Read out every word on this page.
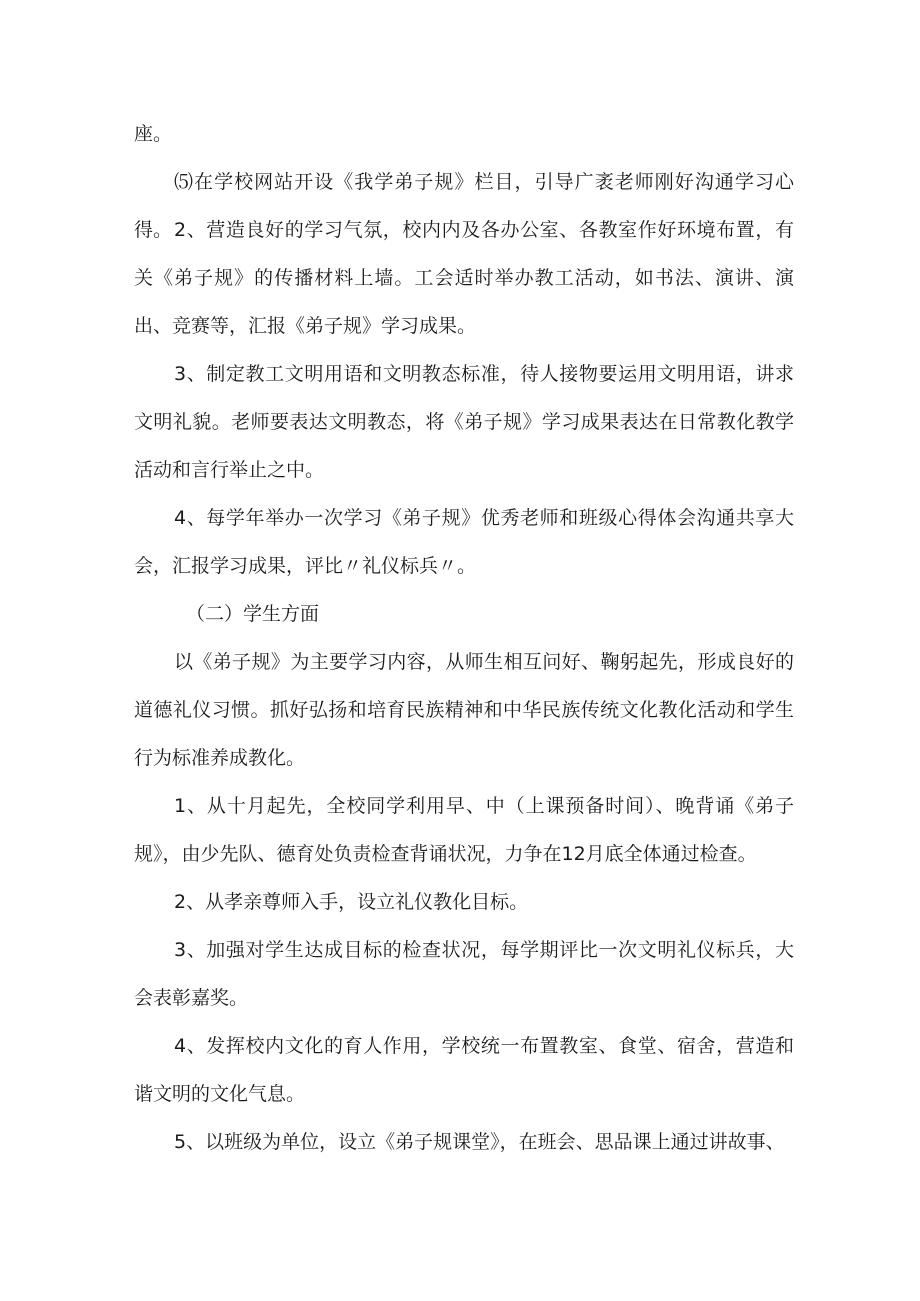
座。

⑸在学校网站开设《我学弟子规》栏目，引导广袤老师刚好沟通学习心得。 2、营造良好的学习气氛，校内内及各办公室、各教室作好环境布置，有关《弟子规》的传播材料上墙。工会适时举办教工活动，如书法、演讲、演出、竞赛等，汇报《弟子规》学习成果。

3、制定教工文明用语和文明教态标准，待人接物要运用文明用语，讲求文明礼貌。老师要表达文明教态，将《弟子规》学习成果表达在日常教化教学活动和言行举止之中。

4、每学年举办一次学习《弟子规》优秀老师和班级心得体会沟通共享大会，汇报学习成果，评比〃礼仪标兵〃。

（二）学生方面

以《弟子规》为主要学习内容，从师生相互问好、鞠躬起先，形成良好的道德礼仪习惯。抓好弘扬和培育民族精神和中华民族传统文化教化活动和学生行为标准养成教化。

1、从十月起先，全校同学利用早、中（上课预备时间）、晚背诵《弟子规》，由少先队、德育处负责检查背诵状况，力争在12月底全体通过检查。

2、从孝亲尊师入手，设立礼仪教化目标。

3、加强对学生达成目标的检查状况，每学期评比一次文明礼仪标兵，大会表彰嘉奖。

4、发挥校内文化的育人作用，学校统一布置教室、食堂、宿舍，营造和谐文明的文化气息。

5、以班级为单位，设立《弟子规课堂》，在班会、思品课上通过讲故事、
